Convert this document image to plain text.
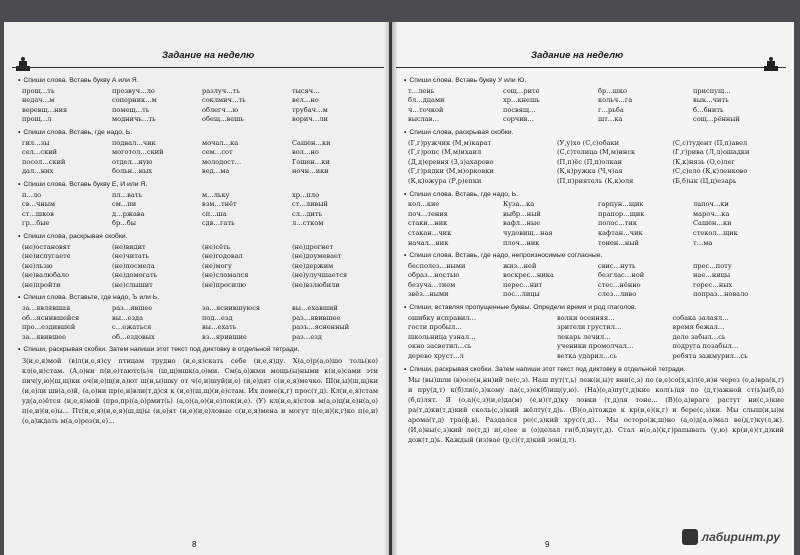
Задание на неделю
• Спиши слова. Вставь букву А или Я.
прощ…ть	прозвуч…ло	разлуч…ть	тысяч…
недач…м	соперник…м	соклмич…ть	вел…но
веревщ…ния	помещ…ть	облегч…ю	трубач…м
прощ…л	модничь…ть	обещ…вешь	ворич…ли
• Спиши слова. Вставь, где надо, Ь.
гил…зы	подвал…чик	мочал…ка	Сашен…ки
сел…ский	моготол…ский	сем…сот	вол…но
посол…ский	отдел…ную	молодост…	Гошен…ки
дал…них	больн…ных	вед…ма	ночн…ики
• Спиши слова. Вставь букву Е, И или Я.
п…ло	пл…вать	м…льку	хр…пло
св…чным	см…пи	взм…тнёт	ст…ливый
ст…шков	д…ржава	сп…ша	сл…дить
гр…бые	бр…бы	сдв…гать	л…стком
• Спиши слова, раскрывая скобки.
(не)остановят	(не)видит	(не)сёть	(не)дрогнет
(не)испугаете	(не)читать	(не)годовал	(не)доумевает
(не)льзю	(не)посмела	(не)могу	(не)держим
(не)валюбало	(не)домогать	(не)сломался	(не)улучшается
(не)пройти	(не)слышит	(не)просилю	(не)взлюбили
• Спиши слова. Вставьте, где надо, Ъ или Ь.
за…являвшая	раз…явшее	за…яснившуюся	вы…ехавший
об…яснившейся	вы…езда	под…езд	раз…явившее
про…ездившей	с…ежаться	вы…ехать	разъ…ясненный
за…явившее	об…ездовых	вз…ярившие	раз…езд
• Спиши, раскрывая скобки. Затем напиши этот текст под диктовку в отдельной тетради.
З(и,е,я)мой (в)л(и,е,я)су птицам трудно (и,е,я)скать себе (и,е,я)ду. Х(а,о)р(а,о)шо толь(ко) кл(е,и)стам. (А,о)ни п(и,е)таютс(ь)я (ш,щ)ишк(а,о)ми. См(а,о)жми мощь(ы)ными к(и,е)сами эти пич(у,ю)(ш,щ)ки оч(и,е)щ(и,а)ют ш(и,ы)шку от ч(е,и)шуй(и,е) (и,е)дят с(и,е,я)мечко. Ш(и,ы)(ш,щ)ки (и,е)ли шв(а,о)й, (а,о)ни пр(е,и)вли(т,д)ся к (и,е)(ш,щ)(и,е)стам. Их поме(к,г) прос(т,д). Кл(и,е,я)стам уд(а,о)ётся (и,е,я)мой (про,пр)(а,о)рмит(ь) (а,о)(а,о)(и,е)лок(и,е). (У) кл(и,е,я)стов м(а,о)ц(и,е)н(а,о) п(е,и)(и,е)ы... Пт(и,е,я)(и,е,я)(ш,щ)ы (и,е)ят (и,е)(и,е)ловые с(и,е,я)мена и могут п(е,и)(к,г)ко п(е,и)(о,а)ждать м(а,о)роз(и,е)...
8
Задание на неделю
• Спиши слова. Вставь букву У или Ю.
т…лень	сощ…рите	бр…шко	приспущ…
бл…дцами	хр…кнешь	кольч…га	вык…чить
ч…точкой	посвящ…	г…рьба	б…бнить
выслав…	сорчив…	шт…ка	сощ…рённый
• Спиши слова, раскрывая скобки.
(Г,г)ружчик (М,м)карат	(У,у)хо (С,с)обаки	(С,с)тудент (П,п)авел
(Г,г)ропс (М,м)ихаил	(С,с)толица (М,м)инск	(Г,г)рива (Л,л)ошадки
(Д,д)еревня (З,з)ахарово	(П,п)ёс (П,п)олкан	(К,к)нязь (О,о)лег
(Г,г)рядки (М,м)орковки	(К,к)ружка (Ч,ч)ая	(С,с)ело (К,к)ленково
(К,к)ожура (Р,р)епки	(П,п)риятель (К,к)оля	(Б,б)ык (Ц,ц)езарь
• Спиши слова. Вставь, где надо, Ь.
кол…кие	Куза…ка	гарпун…щик	лапоч…ки
поч…тения	выбр…ный	прапор…щик	мароч…ка
стаки…ник	вафл…ные	полос…тик	Сашен…ки
стакан…чик	чудовищ…ная	кафтан…чик	стекол…щик
начал…ник	плоч…ник	тонен…ный	т…ма
• Спиши слова. Вставь, где надо, непроизносимые согласные.
бесполез…ными	жиз…ней	свис…нуть	прес…поту
образ…ностью	воскрес…ника	безглас…ной	нае…ницы
безуча…тием	перес…нит	стес…нённо	горес…ных
звёз…ными	пос…лицы	слез…ливо	попраз…новало
• Спиши, вставляя пропущенные буквы. Определи время и род глаголов.
ошибку исправил…	волки осенняя…	собака залаял…
гости пробыл…	зрители грустил…	время бежал…
школьница узнал…	лекарь лечил…	дело забыл…сь
окно засветил…сь	ученики промолчал…	подруга позабыл…
дерево хруст…л	ветка ударил…сь	ребята зажмурил…сь
• Спиши, раскрывая скобки. Затем напиши этот текст под диктовку в отдельной тетради.
Мы (вы)шли (в)осе(н,нн)ий ле(с,з). Наш пут(т,ь) леж(и,ы)т вни(с,з) по (в,е)со(х,к)л(е,и)н через (о,а)вра(к,г) и пру(д,т) к(б)ли(с,з)кому па(с,з)ек(б)ищ(у,ю). (На)(о,а)пу(т,д)кие кол(ь)ця по (д,т)ажной ст(ь)ы(б,п)(б,п)лят. Я (о,а)(с,з)(и,е)да(м) (е,и)(т,д)ку ловки (т,д)ля тоне... (В)(о,а)враге растут ни(с,з)кие ра(т,д)ки(т,д)кий сколь(с,з)кий жёлту(т,д)ь. (В)(о,а)тожде к кр(и,е)(к,г) и бере(с,з)ки. Мы слыш(и,ы)м арома(т,д) тра(ф,в). Раздался ре(с,з)кий хрус(т,д)... Мы осторо(ж,ш)но (а,о)д(а,о)мал ве(д,т)ку(л,ж). (И,е)ны(с,з)кий ле(т,д) и(,е)ее и (о)делал ги(б,п)ну(т,д). Стал н(о,а)(к,г)рапывать (у,ю) кр(и,е)(т,д)кий дож(т,д)ь. Каждый (из)вае (р,с)(т,д)кий зон(д,т).
9
лабиринт.ру
